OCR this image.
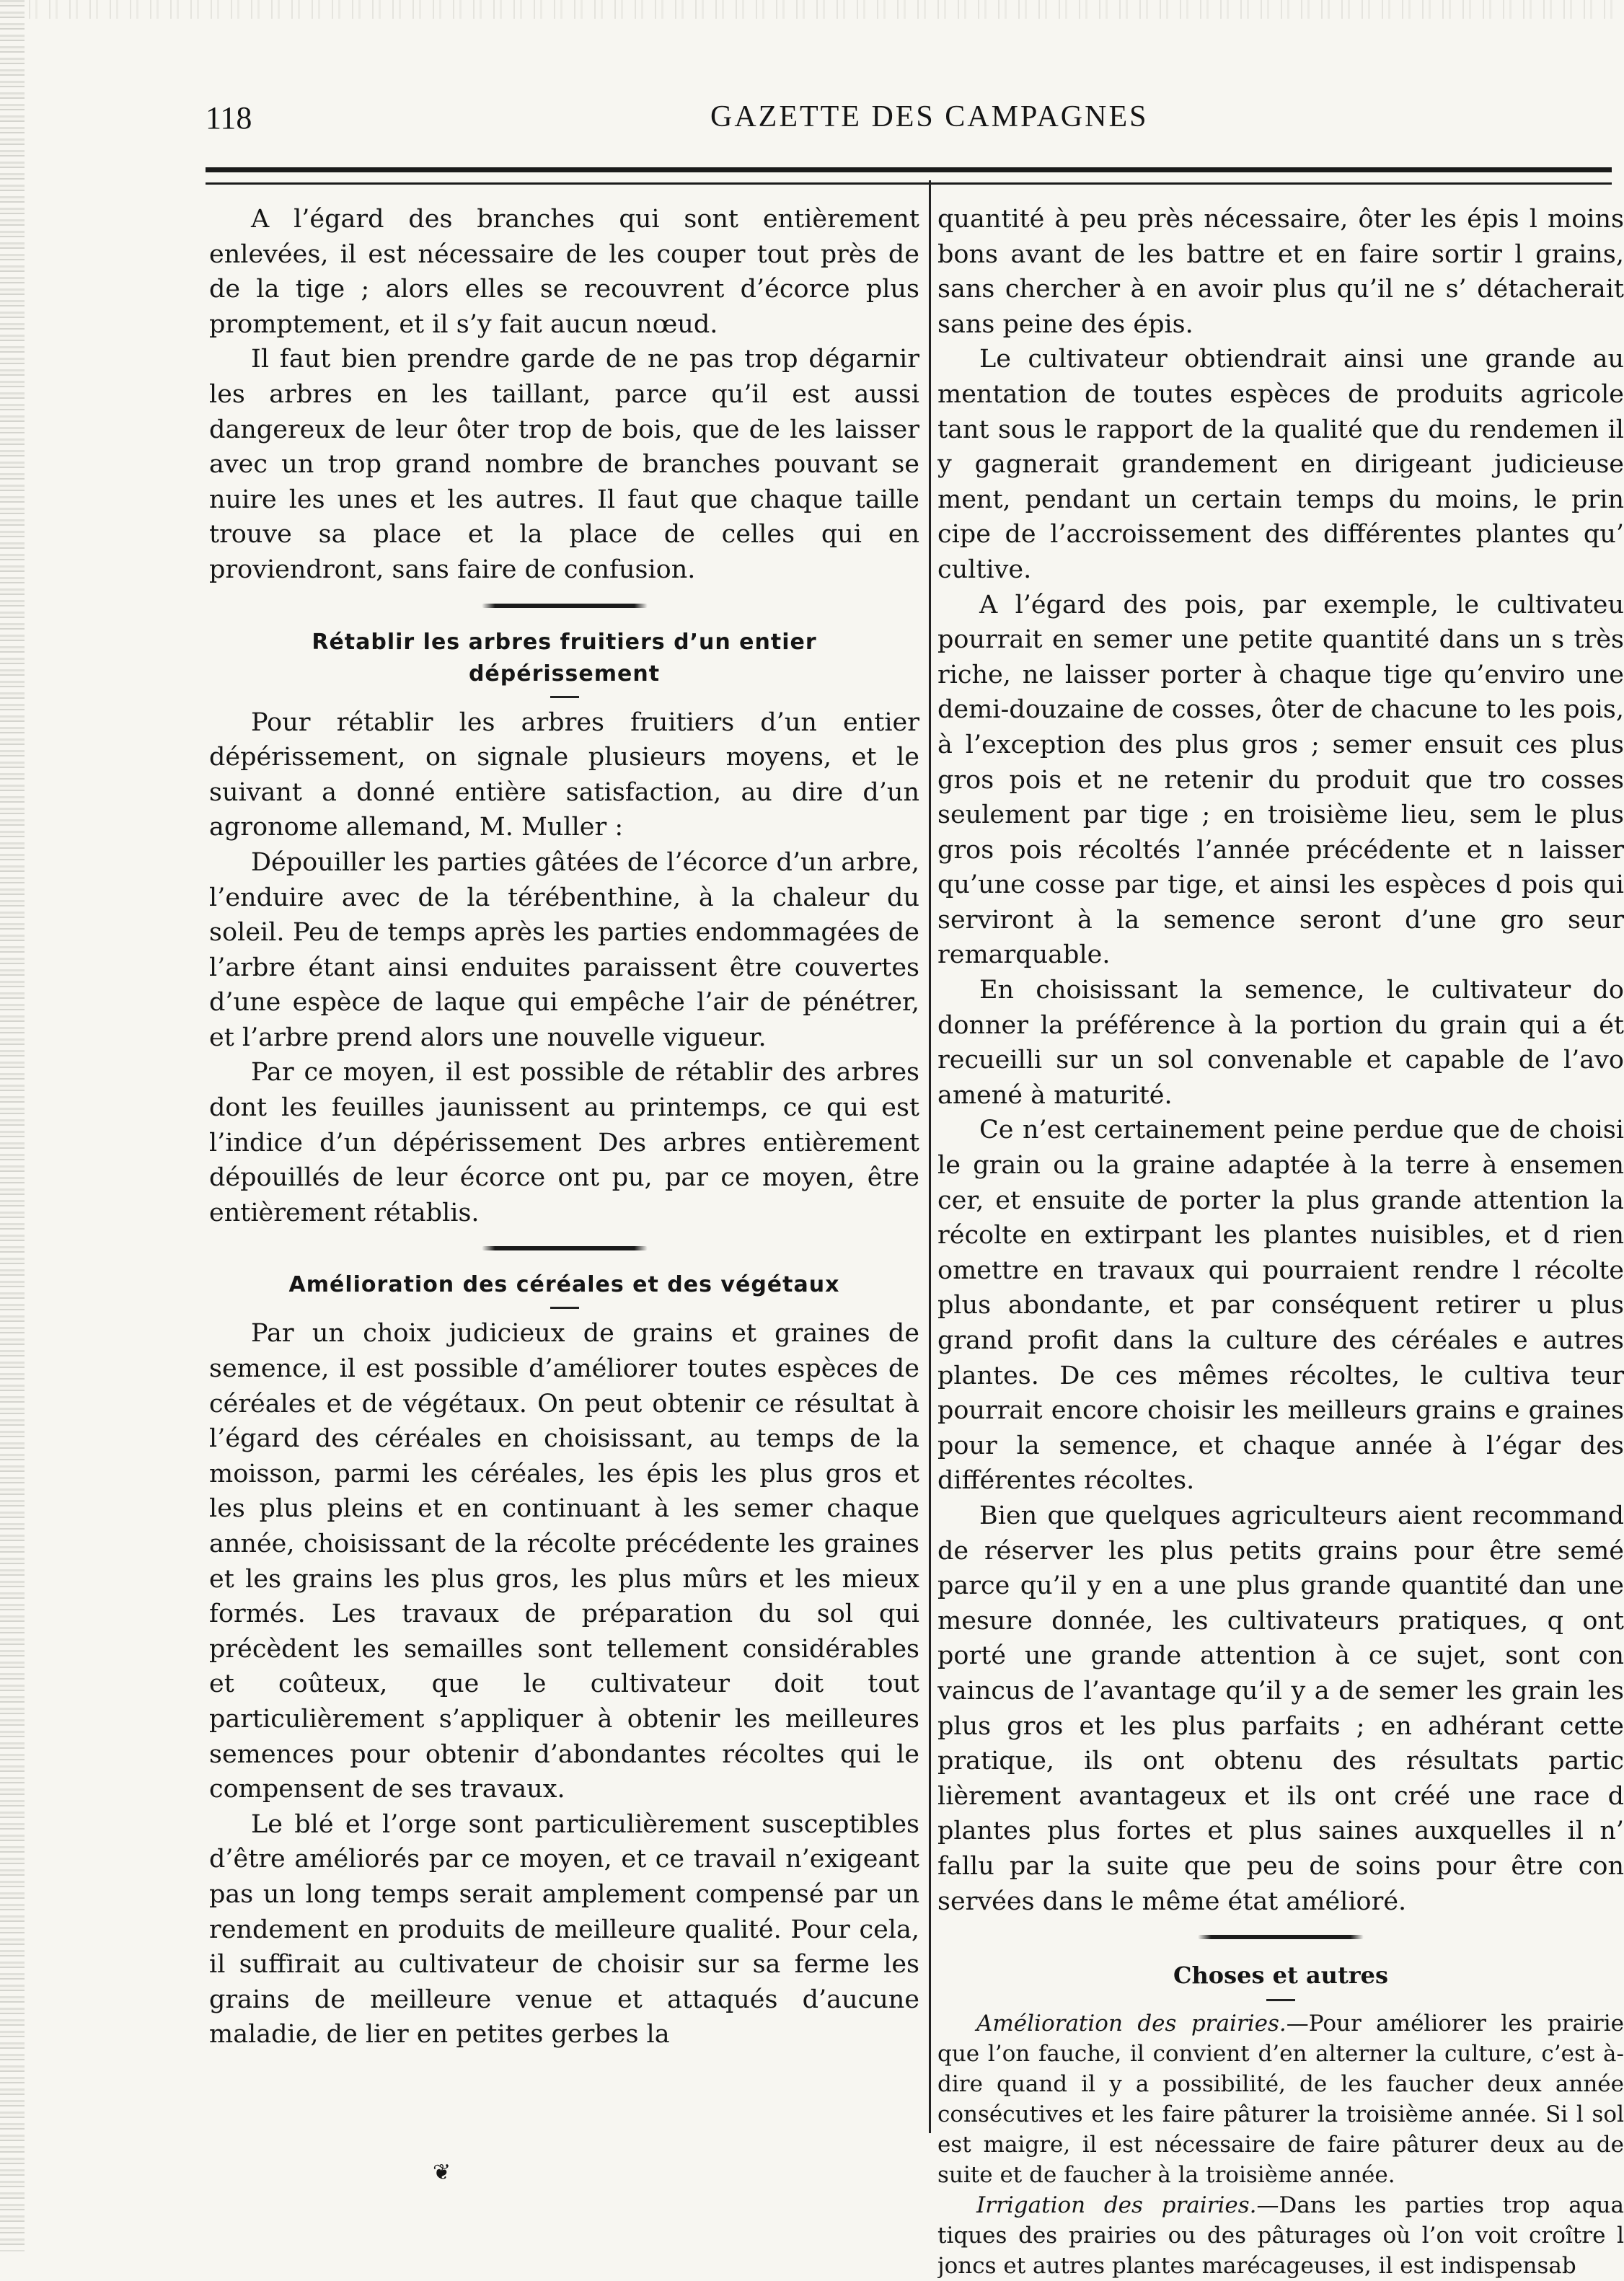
118	GAZETTE DES CAMPAGNES

A l’égard des branches qui sont entièrement enlevées, il est nécessaire de les couper tout près de de la tige ; alors elles se recouvrent d’écorce plus promptement, et il s’y fait aucun nœud.

Il faut bien prendre garde de ne pas trop dégarnir les arbres en les taillant, parce qu’il est aussi dangereux de leur ôter trop de bois, que de les laisser avec un trop grand nombre de branches pouvant se nuire les unes et les autres. Il faut que chaque taille trouve sa place et la place de celles qui en proviendront, sans faire de confusion.

Rétablir les arbres fruitiers d’un entier dépérissement

Pour rétablir les arbres fruitiers d’un entier dépérissement, on signale plusieurs moyens, et le suivant a donné entière satisfaction, au dire d’un agronome allemand, M. Muller :

Dépouiller les parties gâtées de l’écorce d’un arbre, l’enduire avec de la térébenthine, à la chaleur du soleil. Peu de temps après les parties endommagées de l’arbre étant ainsi enduites paraissent être couvertes d’une espèce de laque qui empêche l’air de pénétrer, et l’arbre prend alors une nouvelle vigueur.

Par ce moyen, il est possible de rétablir des arbres dont les feuilles jaunissent au printemps, ce qui est l’indice d’un dépérissement Des arbres entièrement dépouillés de leur écorce ont pu, par ce moyen, être entièrement rétablis.

Amélioration des céréales et des végétaux

Par un choix judicieux de grains et graines de semence, il est possible d’améliorer toutes espèces de céréales et de végétaux. On peut obtenir ce résultat à l’égard des céréales en choisissant, au temps de la moisson, parmi les céréales, les épis les plus gros et les plus pleins et en continuant à les semer chaque année, choisissant de la récolte précédente les graines et les grains les plus gros, les plus mûrs et les mieux formés. Les travaux de préparation du sol qui précèdent les semailles sont tellement considérables et coûteux, que le cultivateur doit tout particulièrement s’appliquer à obtenir les meilleures semences pour obtenir d’abondantes récoltes qui le compensent de ses travaux.

Le blé et l’orge sont particulièrement susceptibles d’être améliorés par ce moyen, et ce travail n’exigeant pas un long temps serait amplement compensé par un rendement en produits de meilleure qualité. Pour cela, il suffirait au cultivateur de choisir sur sa ferme les grains de meilleure venue et attaqués d’aucune maladie, de lier en petites gerbes la

quantité à peu près nécessaire, ôter les épis l moins bons avant de les battre et en faire sortir l grains, sans chercher à en avoir plus qu’il ne s’ détacherait sans peine des épis.

Le cultivateur obtiendrait ainsi une grande au mentation de toutes espèces de produits agricole tant sous le rapport de la qualité que du rendemen il y gagnerait grandement en dirigeant judicieuse ment, pendant un certain temps du moins, le prin cipe de l’accroissement des différentes plantes qu’ cultive.

A l’égard des pois, par exemple, le cultivateu pourrait en semer une petite quantité dans un s très riche, ne laisser porter à chaque tige qu’enviro une demi-douzaine de cosses, ôter de chacune to les pois, à l’exception des plus gros ; semer ensuit ces plus gros pois et ne retenir du produit que tro cosses seulement par tige ; en troisième lieu, sem le plus gros pois récoltés l’année précédente et n laisser qu’une cosse par tige, et ainsi les espèces d pois qui serviront à la semence seront d’une gro seur remarquable.

En choisissant la semence, le cultivateur do donner la préférence à la portion du grain qui a ét recueilli sur un sol convenable et capable de l’avo amené à maturité.

Ce n’est certainement peine perdue que de choisi le grain ou la graine adaptée à la terre à ensemen cer, et ensuite de porter la plus grande attention la récolte en extirpant les plantes nuisibles, et d rien omettre en travaux qui pourraient rendre l récolte plus abondante, et par conséquent retirer u plus grand profit dans la culture des céréales e autres plantes. De ces mêmes récoltes, le cultiva teur pourrait encore choisir les meilleurs grains e graines pour la semence, et chaque année à l’égar des différentes récoltes.

Bien que quelques agriculteurs aient recommand de réserver les plus petits grains pour être semé parce qu’il y en a une plus grande quantité dan une mesure donnée, les cultivateurs pratiques, q ont porté une grande attention à ce sujet, sont con vaincus de l’avantage qu’il y a de semer les grain les plus gros et les plus parfaits ; en adhérant cette pratique, ils ont obtenu des résultats partic lièrement avantageux et ils ont créé une race d plantes plus fortes et plus saines auxquelles il n’ fallu par la suite que peu de soins pour être con servées dans le même état amélioré.

Choses et autres

Amélioration des prairies.—Pour améliorer les prairie que l’on fauche, il convient d’en alterner la culture, c’est à-dire quand il y a possibilité, de les faucher deux année consécutives et les faire pâturer la troisième année. Si l sol est maigre, il est nécessaire de faire pâturer deux au de suite et de faucher à la troisième année.

Irrigation des prairies.—Dans les parties trop aqua tiques des prairies ou des pâturages où l’on voit croître l joncs et autres plantes marécageuses, il est indispensab

❦
